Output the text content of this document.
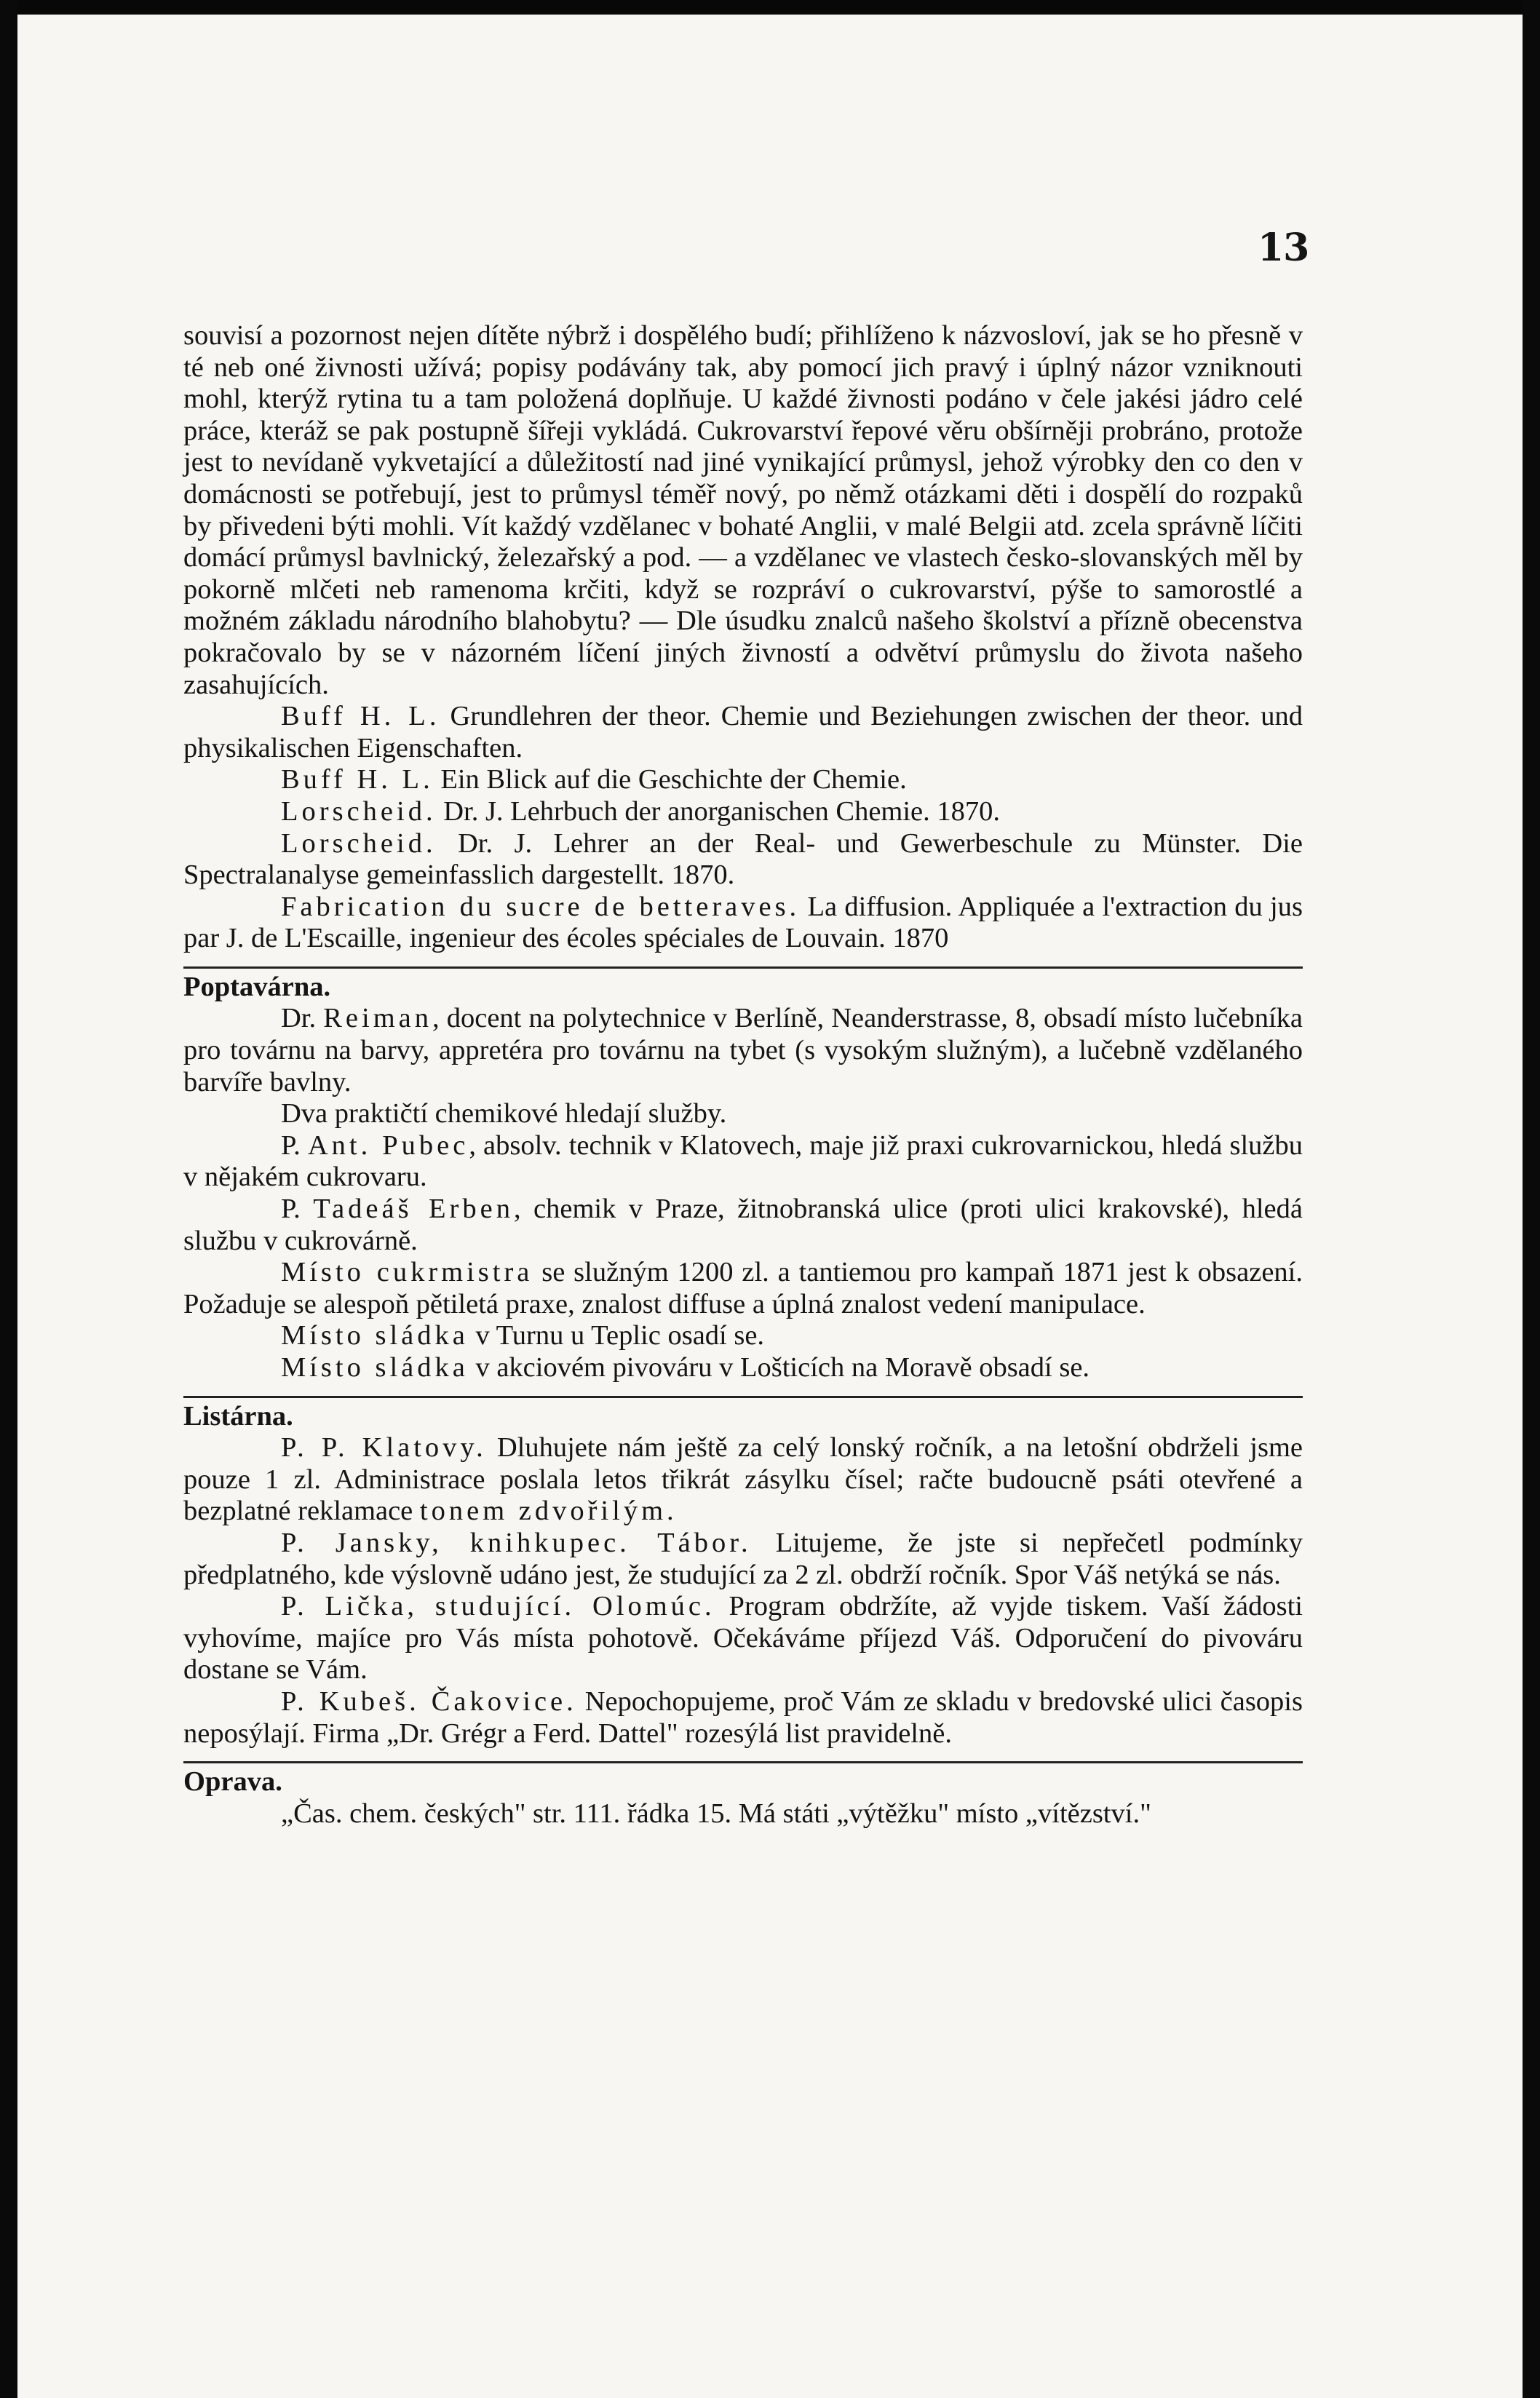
13

souvisí a pozornost nejen dítěte nýbrž i dospělého budí; přihlíženo k názvosloví, jak se ho přesně v té neb oné živnosti užívá; popisy podávány tak, aby pomocí jich pravý i úplný názor vzniknouti mohl, kterýž rytina tu a tam položená doplňuje. U každé živnosti podáno v čele jakési jádro celé práce, kteráž se pak postupně šířeji vykládá. Cukrovarství řepové věru obšírněji probráno, protože jest to nevídaně vykvetající a důležitostí nad jiné vynikající průmysl, jehož výrobky den co den v domácnosti se potřebují, jest to průmysl téměř nový, po němž otázkami děti i dospělí do rozpaků by přivedeni býti mohli. Vít každý vzdělanec v bohaté Anglii, v malé Belgii atd. zcela správně líčiti domácí průmysl bavlnický, železařský a pod. — a vzdělanec ve vlastech česko-slovanských měl by pokorně mlčeti neb ramenoma krčiti, když se rozpráví o cukrovarství, pýše to samorostlé a možném základu národního blahobytu? — Dle úsudku znalců našeho školství a příznĕ obecenstva pokračovalo by se v názorném líčení jiných živností a odvětví průmyslu do života našeho zasahujících.

Buff H. L. Grundlehren der theor. Chemie und Beziehungen zwischen der theor. und physikalischen Eigenschaften.

Buff H. L. Ein Blick auf die Geschichte der Chemie.

Lorscheid. Dr. J. Lehrbuch der anorganischen Chemie. 1870.

Lorscheid. Dr. J. Lehrer an der Real- und Gewerbeschule zu Münster. Die Spectralanalyse gemeinfasslich dargestellt. 1870.

Fabrication du sucre de betteraves. La diffusion. Appliquée a l'extraction du jus par J. de L'Escaille, ingenieur des écoles spéciales de Louvain. 1870

Poptavárna.

Dr. Reiman, docent na polytechnice v Berlíně, Neanderstrasse, 8, obsadí místo lučebníka pro továrnu na barvy, appretéra pro továrnu na tybet (s vysokým služným), a lučebně vzdělaného barvíře bavlny.

Dva praktičtí chemikové hledají služby.

P. Ant. Pubec, absolv. technik v Klatovech, maje již praxi cukrovarnickou, hledá službu v nějakém cukrovaru.

P. Tadeáš Erben, chemik v Praze, žitnobranská ulice (proti ulici krakovské), hledá službu v cukrovárně.

Místo cukrmistra se služným 1200 zl. a tantiemou pro kampaň 1871 jest k obsazení. Požaduje se alespoň pětiletá praxe, znalost diffuse a úplná znalost vedení manipulace.

Místo sládka v Turnu u Teplic osadí se.

Místo sládka v akciovém pivováru v Lošticích na Moravě obsadí se.

Listárna.

P. P. Klatovy. Dluhujete nám ještě za celý lonský ročník, a na letošní obdrželi jsme pouze 1 zl. Administrace poslala letos třikrát zásylku čísel; račte budoucně psáti otevřené a bezplatné reklamace tonem zdvořilým.

P. Jansky, knihkupec. Tábor. Litujeme, že jste si nepřečetl podmínky předplatného, kde výslovně udáno jest, že studující za 2 zl. obdrží ročník. Spor Váš netýká se nás.

P. Lička, studující. Olomúc. Program obdržíte, až vyjde tiskem. Vaší žádosti vyhovíme, majíce pro Vás místa pohotově. Očekáváme příjezd Váš. Odporučení do pivováru dostane se Vám.

P. Kubeš. Čakovice. Nepochopujeme, proč Vám ze skladu v bredovské ulici časopis neposýlají. Firma „Dr. Grégr a Ferd. Dattel" rozesýlá list pravidelně.

Oprava.

„Čas. chem. českých" str. 111. řádka 15. Má státi „výtěžku" místo „vítězství."
